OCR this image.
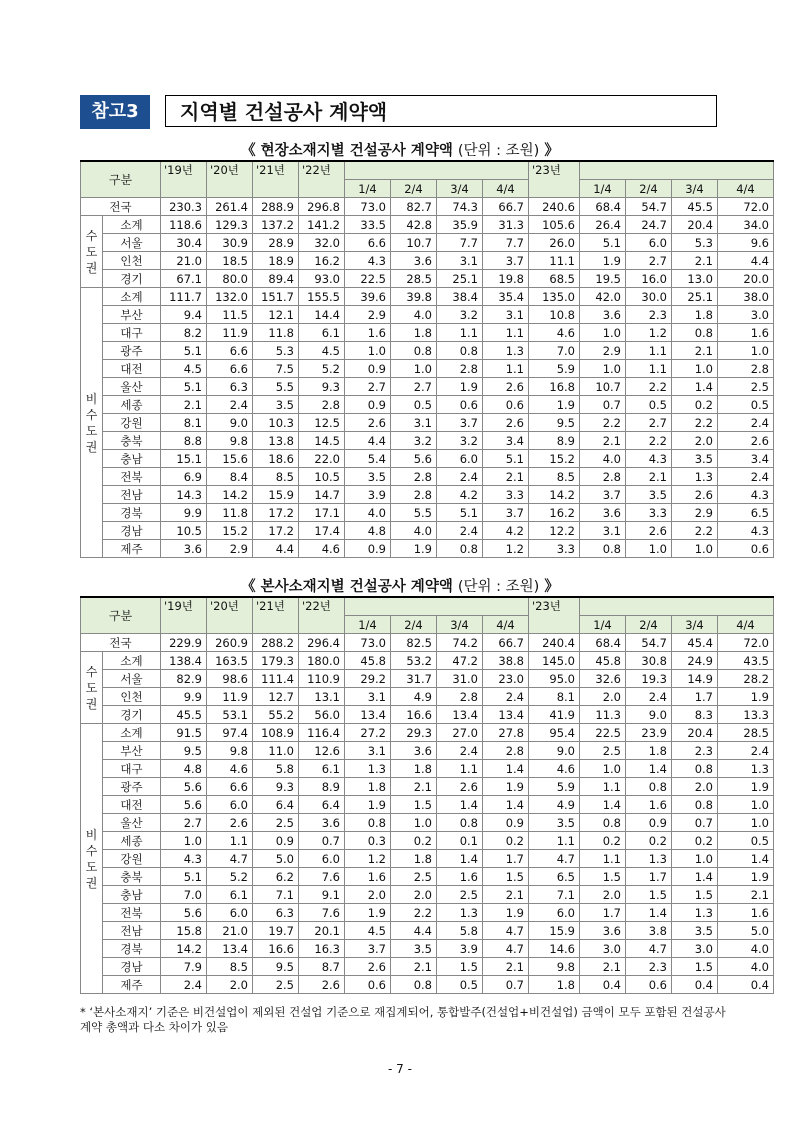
참고3	지역별 건설공사 계약액
《 현장소재지별 건설공사 계약액 (단위 : 조원) 》
구분		'19년	'20년	'21년	'22년					'23년				
						1/4	2/4	3/4	4/4		1/4	2/4	3/4	4/4
전국		230.3	261.4	288.9	296.8	73.0	82.7	74.3	66.7	240.6	68.4	54.7	45.5	72.0
수
도
권	소계	118.6	129.3	137.2	141.2	33.5	42.8	35.9	31.3	105.6	26.4	24.7	20.4	34.0
	서울	30.4	30.9	28.9	32.0	6.6	10.7	7.7	7.7	26.0	5.1	6.0	5.3	9.6
	인천	21.0	18.5	18.9	16.2	4.3	3.6	3.1	3.7	11.1	1.9	2.7	2.1	4.4
	경기	67.1	80.0	89.4	93.0	22.5	28.5	25.1	19.8	68.5	19.5	16.0	13.0	20.0
비
수
도
권	소계	111.7	132.0	151.7	155.5	39.6	39.8	38.4	35.4	135.0	42.0	30.0	25.1	38.0
	부산	9.4	11.5	12.1	14.4	2.9	4.0	3.2	3.1	10.8	3.6	2.3	1.8	3.0
	대구	8.2	11.9	11.8	6.1	1.6	1.8	1.1	1.1	4.6	1.0	1.2	0.8	1.6
	광주	5.1	6.6	5.3	4.5	1.0	0.8	0.8	1.3	7.0	2.9	1.1	2.1	1.0
	대전	4.5	6.6	7.5	5.2	0.9	1.0	2.8	1.1	5.9	1.0	1.1	1.0	2.8
	울산	5.1	6.3	5.5	9.3	2.7	2.7	1.9	2.6	16.8	10.7	2.2	1.4	2.5
	세종	2.1	2.4	3.5	2.8	0.9	0.5	0.6	0.6	1.9	0.7	0.5	0.2	0.5
	강원	8.1	9.0	10.3	12.5	2.6	3.1	3.7	2.6	9.5	2.2	2.7	2.2	2.4
	충북	8.8	9.8	13.8	14.5	4.4	3.2	3.2	3.4	8.9	2.1	2.2	2.0	2.6
	충남	15.1	15.6	18.6	22.0	5.4	5.6	6.0	5.1	15.2	4.0	4.3	3.5	3.4
	전북	6.9	8.4	8.5	10.5	3.5	2.8	2.4	2.1	8.5	2.8	2.1	1.3	2.4
	전남	14.3	14.2	15.9	14.7	3.9	2.8	4.2	3.3	14.2	3.7	3.5	2.6	4.3
	경북	9.9	11.8	17.2	17.1	4.0	5.5	5.1	3.7	16.2	3.6	3.3	2.9	6.5
	경남	10.5	15.2	17.2	17.4	4.8	4.0	2.4	4.2	12.2	3.1	2.6	2.2	4.3
	제주	3.6	2.9	4.4	4.6	0.9	1.9	0.8	1.2	3.3	0.8	1.0	1.0	0.6
《 본사소재지별 건설공사 계약액 (단위 : 조원) 》
구분		'19년	'20년	'21년	'22년					'23년				
						1/4	2/4	3/4	4/4		1/4	2/4	3/4	4/4
전국		229.9	260.9	288.2	296.4	73.0	82.5	74.2	66.7	240.4	68.4	54.7	45.4	72.0
수
도
권	소계	138.4	163.5	179.3	180.0	45.8	53.2	47.2	38.8	145.0	45.8	30.8	24.9	43.5
	서울	82.9	98.6	111.4	110.9	29.2	31.7	31.0	23.0	95.0	32.6	19.3	14.9	28.2
	인천	9.9	11.9	12.7	13.1	3.1	4.9	2.8	2.4	8.1	2.0	2.4	1.7	1.9
	경기	45.5	53.1	55.2	56.0	13.4	16.6	13.4	13.4	41.9	11.3	9.0	8.3	13.3
비
수
도
권	소계	91.5	97.4	108.9	116.4	27.2	29.3	27.0	27.8	95.4	22.5	23.9	20.4	28.5
	부산	9.5	9.8	11.0	12.6	3.1	3.6	2.4	2.8	9.0	2.5	1.8	2.3	2.4
	대구	4.8	4.6	5.8	6.1	1.3	1.8	1.1	1.4	4.6	1.0	1.4	0.8	1.3
	광주	5.6	6.6	9.3	8.9	1.8	2.1	2.6	1.9	5.9	1.1	0.8	2.0	1.9
	대전	5.6	6.0	6.4	6.4	1.9	1.5	1.4	1.4	4.9	1.4	1.6	0.8	1.0
	울산	2.7	2.6	2.5	3.6	0.8	1.0	0.8	0.9	3.5	0.8	0.9	0.7	1.0
	세종	1.0	1.1	0.9	0.7	0.3	0.2	0.1	0.2	1.1	0.2	0.2	0.2	0.5
	강원	4.3	4.7	5.0	6.0	1.2	1.8	1.4	1.7	4.7	1.1	1.3	1.0	1.4
	충북	5.1	5.2	6.2	7.6	1.6	2.5	1.6	1.5	6.5	1.5	1.7	1.4	1.9
	충남	7.0	6.1	7.1	9.1	2.0	2.0	2.5	2.1	7.1	2.0	1.5	1.5	2.1
	전북	5.6	6.0	6.3	7.6	1.9	2.2	1.3	1.9	6.0	1.7	1.4	1.3	1.6
	전남	15.8	21.0	19.7	20.1	4.5	4.4	5.8	4.7	15.9	3.6	3.8	3.5	5.0
	경북	14.2	13.4	16.6	16.3	3.7	3.5	3.9	4.7	14.6	3.0	4.7	3.0	4.0
	경남	7.9	8.5	9.5	8.7	2.6	2.1	1.5	2.1	9.8	2.1	2.3	1.5	4.0
	제주	2.4	2.0	2.5	2.6	0.6	0.8	0.5	0.7	1.8	0.4	0.6	0.4	0.4
* ‘본사소재지’ 기준은 비건설업이 제외된 건설업 기준으로 재집계되어, 통합발주(건설업+비건설업) 금액이 모두 포함된 건설공사계약 총액과 다소 차이가 있음
- 7 -
